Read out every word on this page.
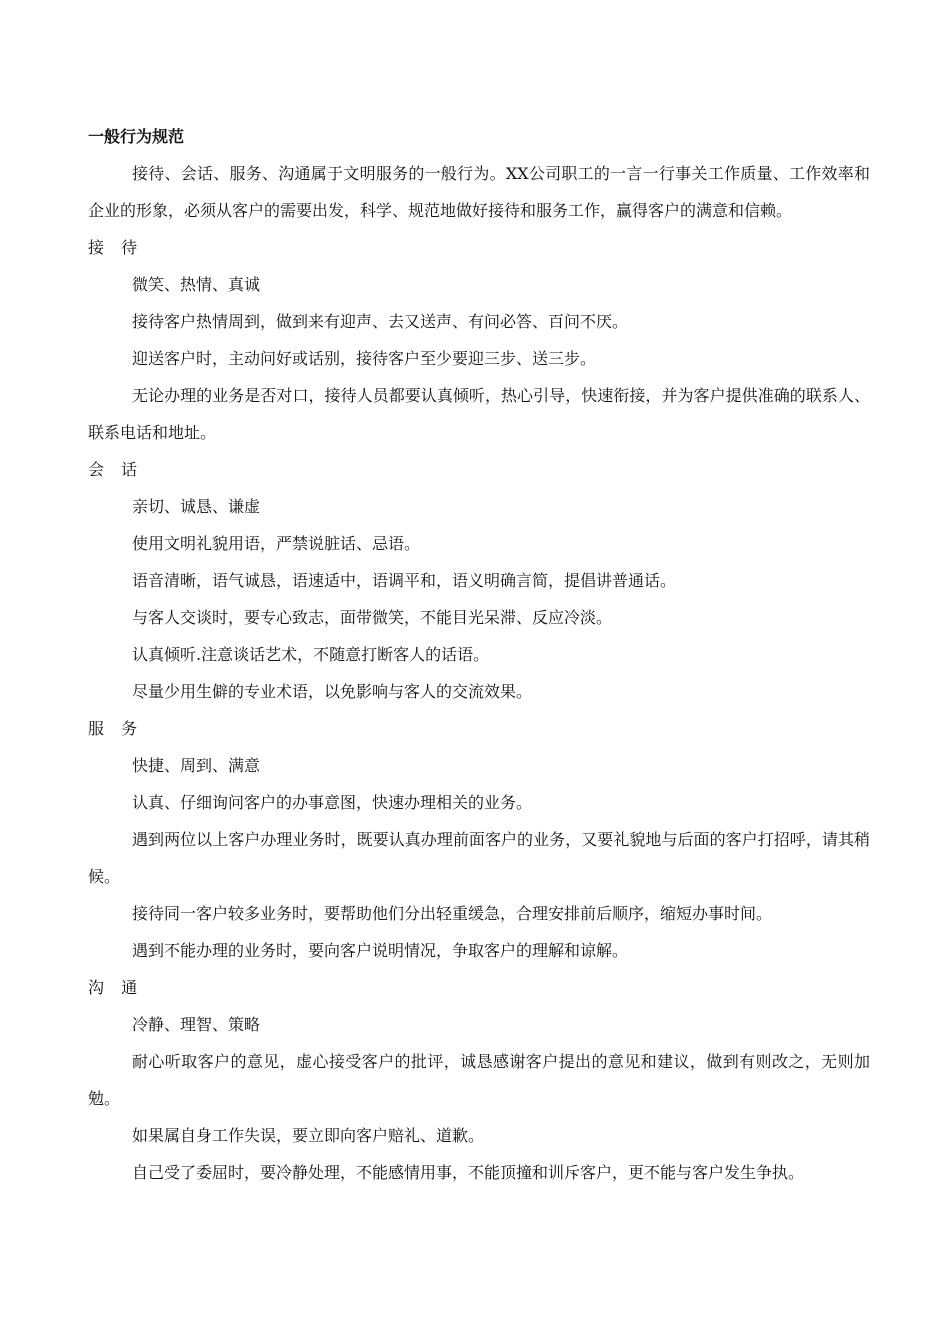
一般行为规范

接待、会话、服务、沟通属于文明服务的一般行为。XX公司职工的一言一行事关工作质量、工作效率和企业的形象，必须从客户的需要出发，科学、规范地做好接待和服务工作，赢得客户的满意和信赖。

接 待

微笑、热情、真诚

接待客户热情周到，做到来有迎声、去又送声、有问必答、百问不厌。

迎送客户时，主动问好或话别，接待客户至少要迎三步、送三步。

无论办理的业务是否对口，接待人员都要认真倾听，热心引导，快速衔接，并为客户提供准确的联系人、联系电话和地址。

会 话

亲切、诚恳、谦虚

使用文明礼貌用语，严禁说脏话、忌语。

语音清晰，语气诚恳，语速适中，语调平和，语义明确言简，提倡讲普通话。

与客人交谈时，要专心致志，面带微笑，不能目光呆滞、反应冷淡。

认真倾听.注意谈话艺术，不随意打断客人的话语。

尽量少用生僻的专业术语，以免影响与客人的交流效果。

服 务

快捷、周到、满意

认真、仔细询问客户的办事意图，快速办理相关的业务。

遇到两位以上客户办理业务时，既要认真办理前面客户的业务，又要礼貌地与后面的客户打招呼，请其稍候。

接待同一客户较多业务时，要帮助他们分出轻重缓急，合理安排前后顺序，缩短办事时间。

遇到不能办理的业务时，要向客户说明情况，争取客户的理解和谅解。

沟 通

冷静、理智、策略

耐心听取客户的意见，虚心接受客户的批评，诚恳感谢客户提出的意见和建议，做到有则改之，无则加勉。

如果属自身工作失误，要立即向客户赔礼、道歉。

自己受了委屈时，要冷静处理，不能感情用事，不能顶撞和训斥客户，更不能与客户发生争执。
